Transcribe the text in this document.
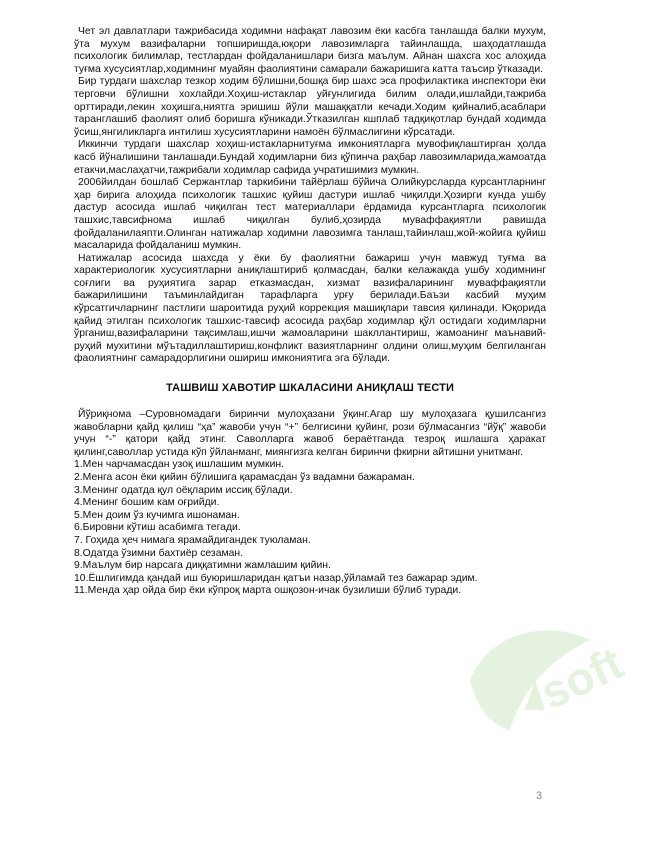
soft

Чет эл давлатлари тажрибасида ходимни нафақат лавозим ёки касбга танлашда балки мухум, ўта мухум вазифаларни топширишда,юқори лавозимларга тайинлашда, шаҳодатлашда психологик билимлар, тестлардан фойдаланишлари бизга маълум. Айнан шахсга хос алоҳида туғма хусусиятлар,ходимнинг муайян фаолиятини самарали бажаришига катта таъсир ўтказади.

Бир турдаги шахслар тезкор ходим бўлишни,бошқа бир шахс эса профилактика инспектори ёки терговчи бўлишни хохлайди.Хоҳиш-истаклар уйғунлигида билим олади,ишлайди,тажриба орттиради,лекин хоҳишга,ниятга эришиш йўли машаққатли кечади.Ходим қийналиб,асаблари таранглашиб фаолият олиб боришга кўникади.Ўтказилган кшплаб тадқиқотлар бундай ходимда ўсиш,янгиликларга интилиш хусусиятларини намоён бўлмаслигини кўрсатади.

Иккинчи турдаги шахслар хоҳиш-истакларнитуғма имкониятларга мувофиқлаштирган ҳолда касб йўналишини танлашади.Бундай ходимларни биз қўпинча раҳбар лавозимларида,жамоатда етакчи,маслаҳатчи,тажрибали ходимлар сафида учратишимиз мумкин.

2006йилдан бошлаб Сержантлар таркибини тайёрлаш бўйича Олийкурсларда курсантларнинг ҳар бирига алоҳида психологик ташхис қуйиш дастури ишлаб чиқилди.Ҳозирги кунда ушбу дастур асосида ишлаб чиқилган тест материаллари ёрдамида курсантларга психологик ташхис,тавсифнома ишлаб чиқилган булиб,ҳозирда муваффақиятли равишда фойдаланилаяпти.Олинган натижалар ходимни лавозимга танлаш,тайинлаш,жой-жойига қуйиш масаларида фойдаланиш мумкин.

Натижалар асосида шахсда у ёки бу фаолиятни бажариш учун мавжуд туғма ва характериологик хусусиятларни аниқлаштириб қолмасдан, балки келажакда ушбу ходимнинг соғлиги ва руҳиятига зарар етказмасдан, хизмат вазифаларининг муваффақиятли бажарилишини таъминлайдиган тарафларга урғу берилади.Баъзи касбий муҳим кўрсатгичларнинг пастлиги шароитида руҳий коррекция машиқлари тавсия қилинади. Юқорида қайид этилган психологик ташхис-тавсиф асосида раҳбар ходимлар қўл остидаги ходимларни ўрганиш,вазифаларини тақсимлаш,ишчи жамоаларини шакллантириш, жамоанинг маънавий-руҳий мухитини мўътадиллаштириш,конфликт вазиятларнинг олдини олиш,муҳим белгиланган фаолиятнинг самарадорлигини ошириш имкониятига эга бўлади.

ТАШВИШ ХАВОТИР ШКАЛАСИНИ АНИҚЛАШ ТЕСТИ

Йўриқнома –Суровномадаги биринчи мулоҳазани ўқинг.Агар шу мулоҳазага қушилсангиз жавобларни қайд қилиш “ҳа” жавоби учун “+” белгисини қуйинг, рози бўлмасангиз “йўқ” жавоби учун “-” қатори қайд этинг. Саволларга жавоб бераётганда тезроқ ишлашга ҳаракат қилинг,саволлар устида кўп ўйланманг, миянгизга келган биринчи фкирни айтишни унитманг.

1.Мен чарчамасдан узоқ ишлашим мумкин.
2.Менга асон ёки қийин бўлишига қарамасдан ўз вадамни бажараман.
3.Менинг одатда қул оёқларим иссиқ бўлади.
4.Менинг бошим кам оғрийди.
5.Мен доим ўз кучимга ишонаман.
6.Бировни кўтиш асабимга тегади.
7. Гоҳида ҳеч нимага ярамайдигандек туюламан.
8.Одатда ўзимни бахтиёр сезаман.
9.Маълум бир нарсага диққатимни жамлашим қийин.
10.Ёшлигимда қандай иш буюришларидан қатъи назар,ўйламай тез бажарар эдим.
11.Менда ҳар ойда бир ёки кўпроқ марта ошқозон-ичак бузилиши бўлиб туради.
3
